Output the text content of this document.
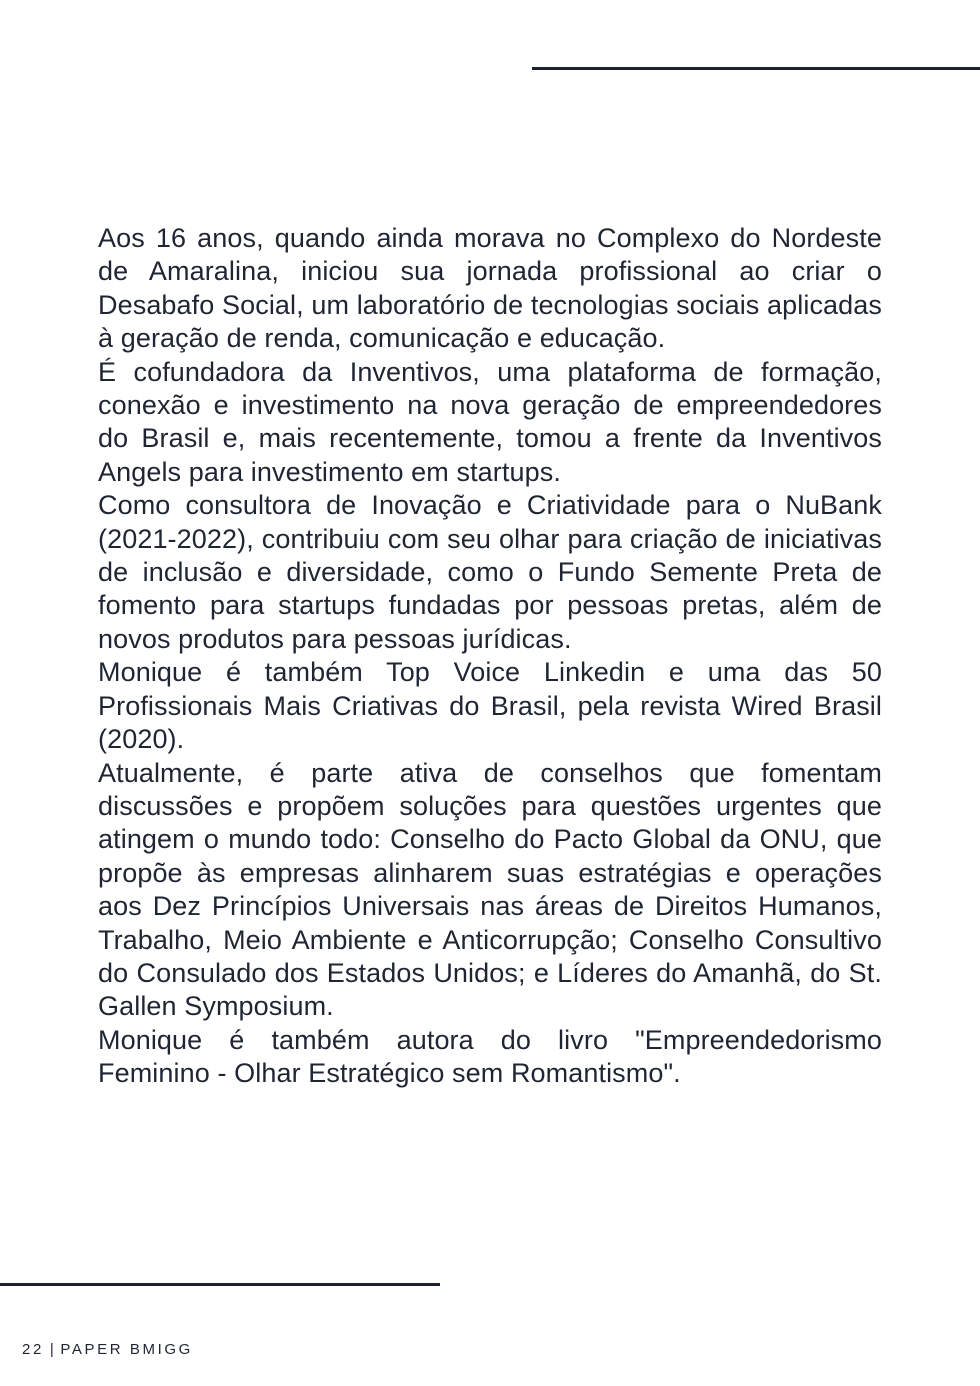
Aos 16 anos, quando ainda morava no Complexo do Nordeste de Amaralina, iniciou sua jornada profissional ao criar o Desabafo Social, um laboratório de tecnologias sociais aplicadas à geração de renda, comunicação e educação.

É cofundadora da Inventivos, uma plataforma de formação, conexão e investimento na nova geração de empreendedores do Brasil e, mais recentemente, tomou a frente da Inventivos Angels para investimento em startups.

Como consultora de Inovação e Criatividade para o NuBank (2021-2022), contribuiu com seu olhar para criação de iniciativas de inclusão e diversidade, como o Fundo Semente Preta de fomento para startups fundadas por pessoas pretas, além de novos produtos para pessoas jurídicas.

Monique é também Top Voice Linkedin e uma das 50 Profissionais Mais Criativas do Brasil, pela revista Wired Brasil (2020).

Atualmente, é parte ativa de conselhos que fomentam discussões e propõem soluções para questões urgentes que atingem o mundo todo: Conselho do Pacto Global da ONU, que propõe às empresas alinharem suas estratégias e operações aos Dez Princípios Universais nas áreas de Direitos Humanos, Trabalho, Meio Ambiente e Anticorrupção; Conselho Consultivo do Consulado dos Estados Unidos; e Líderes do Amanhã, do St. Gallen Symposium.

Monique é também autora do livro "Empreendedorismo Feminino - Olhar Estratégico sem Romantismo".

22 | PAPER BMIGG
